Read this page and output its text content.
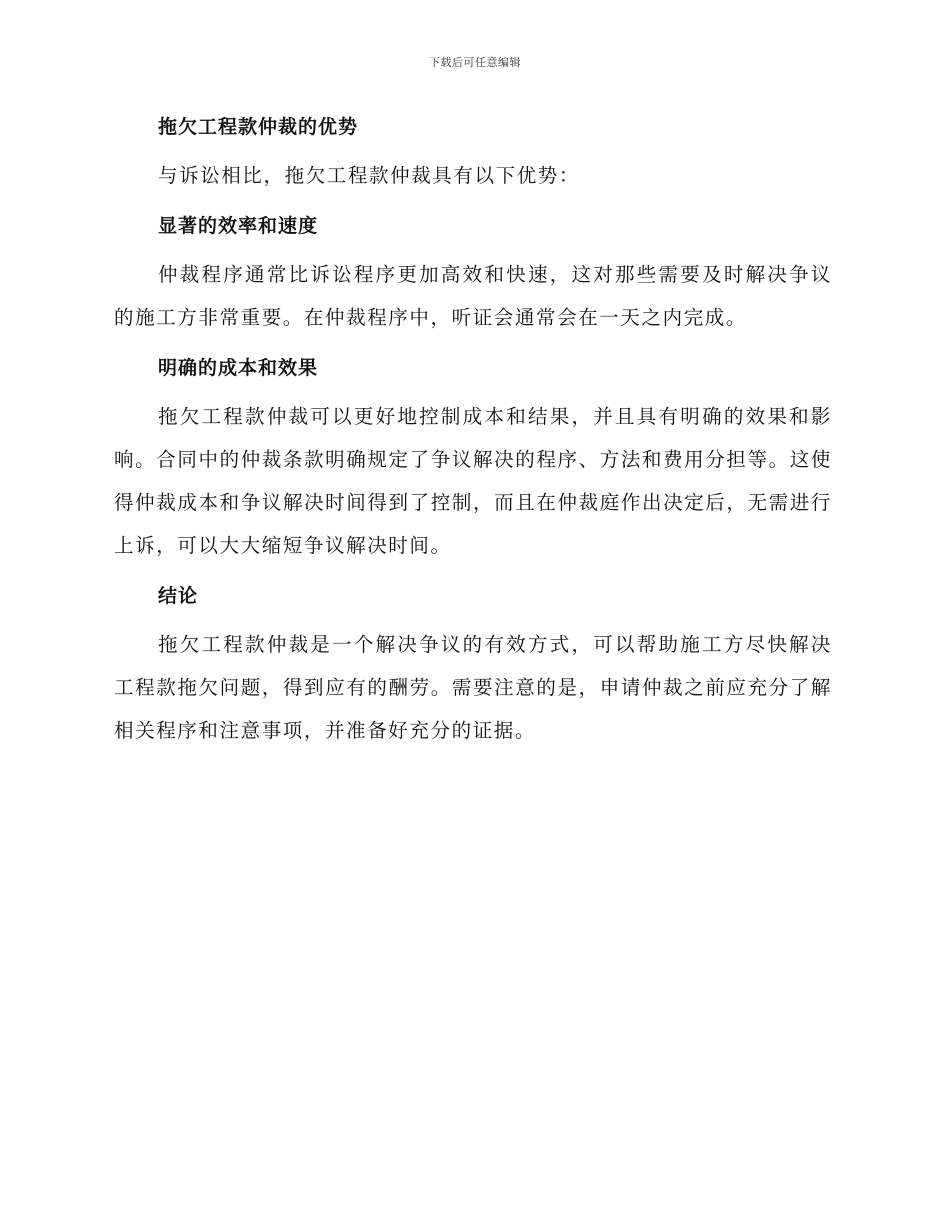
下载后可任意编辑
拖欠工程款仲裁的优势

与诉讼相比，拖欠工程款仲裁具有以下优势：

显著的效率和速度

仲裁程序通常比诉讼程序更加高效和快速，这对那些需要及时解决争议的施工方非常重要。在仲裁程序中，听证会通常会在一天之内完成。

明确的成本和效果

拖欠工程款仲裁可以更好地控制成本和结果，并且具有明确的效果和影响。合同中的仲裁条款明确规定了争议解决的程序、方法和费用分担等。这使得仲裁成本和争议解决时间得到了控制，而且在仲裁庭作出决定后，无需进行上诉，可以大大缩短争议解决时间。

结论

拖欠工程款仲裁是一个解决争议的有效方式，可以帮助施工方尽快解决工程款拖欠问题，得到应有的酬劳。需要注意的是，申请仲裁之前应充分了解相关程序和注意事项，并准备好充分的证据。
